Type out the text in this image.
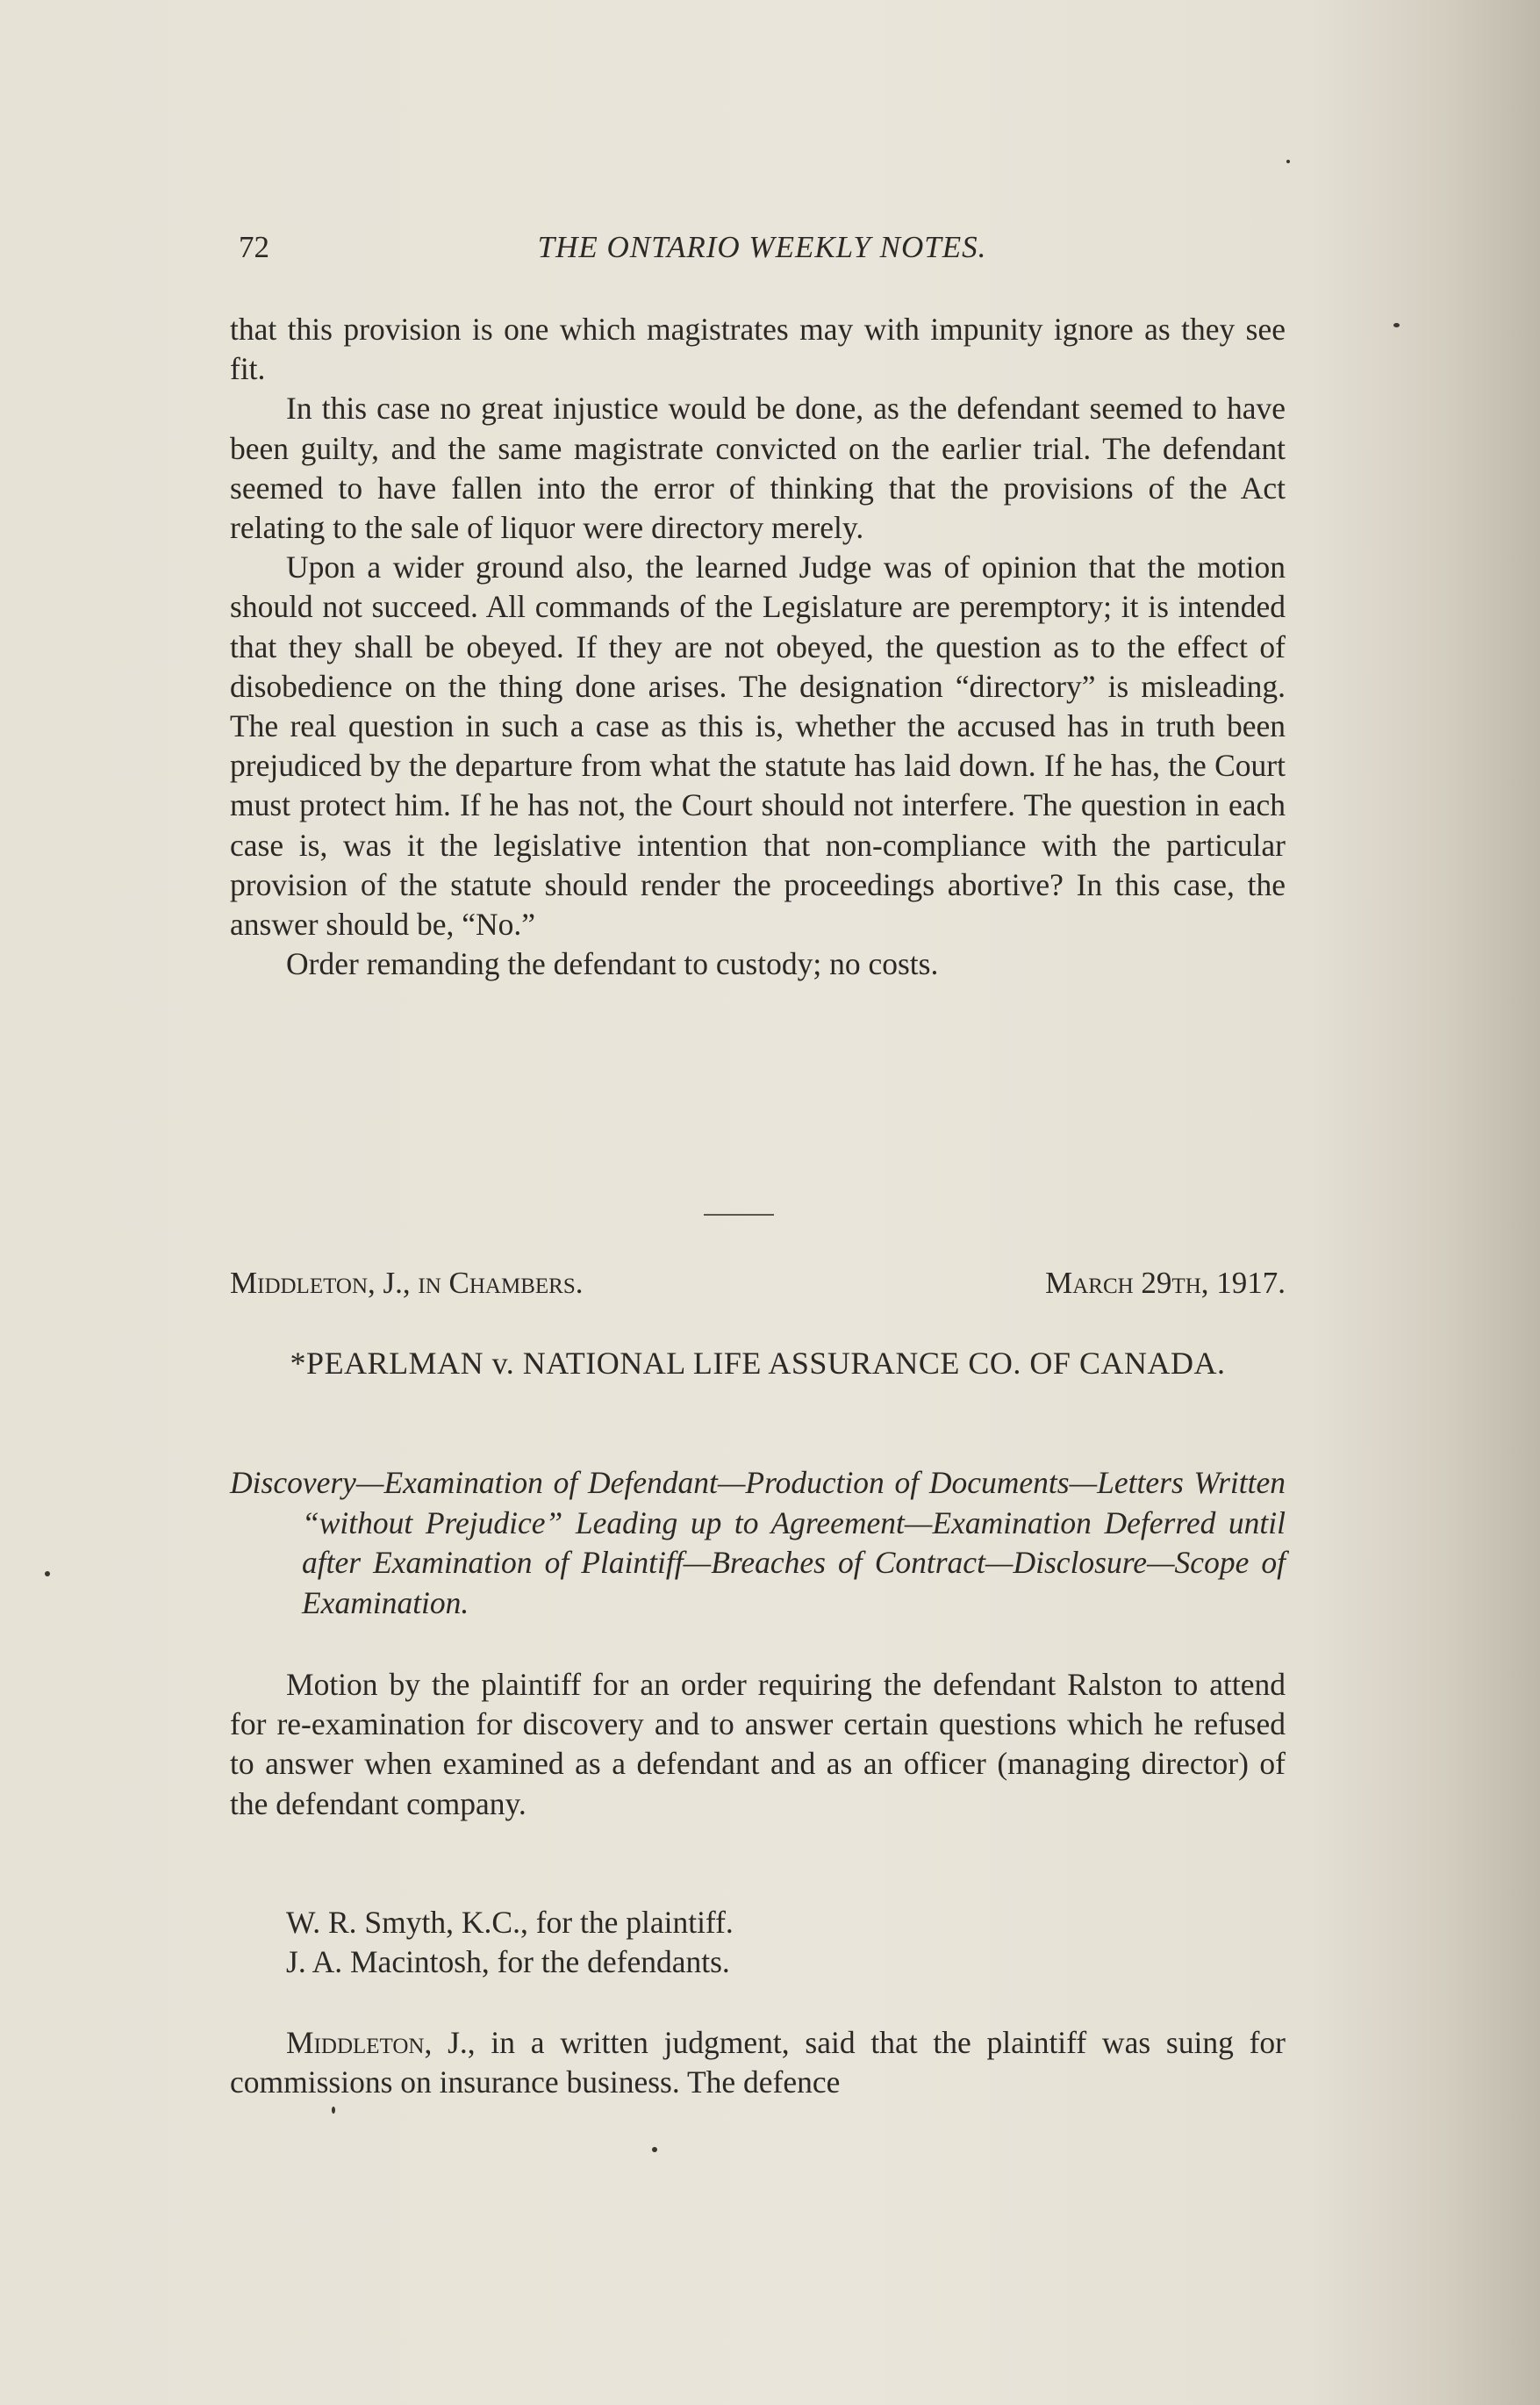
72	THE ONTARIO WEEKLY NOTES.

that this provision is one which magistrates may with impunity ignore as they see fit.

In this case no great injustice would be done, as the defendant seemed to have been guilty, and the same magistrate convicted on the earlier trial. The defendant seemed to have fallen into the error of thinking that the provisions of the Act relating to the sale of liquor were directory merely.

Upon a wider ground also, the learned Judge was of opinion that the motion should not succeed. All commands of the Legislature are peremptory; it is intended that they shall be obeyed. If they are not obeyed, the question as to the effect of disobedience on the thing done arises. The designation “directory” is misleading. The real question in such a case as this is, whether the accused has in truth been prejudiced by the departure from what the statute has laid down. If he has, the Court must protect him. If he has not, the Court should not interfere. The question in each case is, was it the legislative intention that non-compliance with the particular provision of the statute should render the proceedings abortive? In this case, the answer should be, “No.”

Order remanding the defendant to custody; no costs.

Middleton, J., in Chambers.	March 29th, 1917.
*PEARLMAN v. NATIONAL LIFE ASSURANCE CO. OF CANADA.
Discovery—Examination of Defendant—Production of Documents—Letters Written “without Prejudice” Leading up to Agreement—Examination Deferred until after Examination of Plaintiff—Breaches of Contract—Disclosure—Scope of Examination.

Motion by the plaintiff for an order requiring the defendant Ralston to attend for re-examination for discovery and to answer certain questions which he refused to answer when examined as a defendant and as an officer (managing director) of the defendant company.

W. R. Smyth, K.C., for the plaintiff.
J. A. Macintosh, for the defendants.

Middleton, J., in a written judgment, said that the plaintiff was suing for commissions on insurance business. The defence
